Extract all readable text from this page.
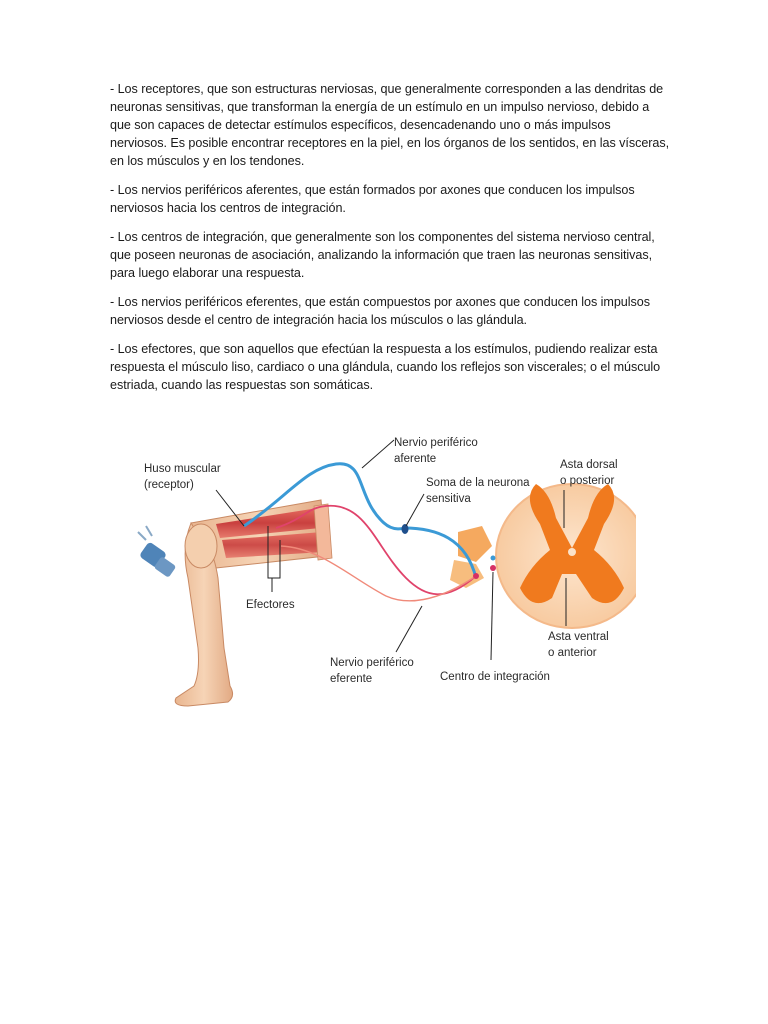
- Los receptores, que son estructuras nerviosas, que generalmente corresponden a las dendritas de neuronas sensitivas, que transforman la energía de un estímulo en un impulso nervioso, debido a que son capaces de detectar estímulos específicos, desencadenando uno o más impulsos nerviosos. Es posible encontrar receptores en la piel, en los órganos de los sentidos, en las vísceras, en los músculos y en los tendones.

- Los nervios periféricos aferentes, que están formados por axones que conducen los impulsos nerviosos hacia los centros de integración.

- Los centros de integración, que generalmente son los componentes del sistema nervioso central, que poseen neuronas de asociación, analizando la información que traen las neuronas sensitivas, para luego elaborar una respuesta.

- Los nervios periféricos eferentes, que están compuestos por axones que conducen los impulsos nerviosos desde el centro de integración hacia los músculos o las glándula.

- Los efectores, que son aquellos que efectúan la respuesta a los estímulos, pudiendo realizar esta respuesta el músculo liso, cardiaco o una glándula, cuando los reflejos son viscerales; o el músculo estriada, cuando las respuestas son somáticas.

Huso muscular
(receptor)
Nervio periférico
aferente
Soma de la neurona
sensitiva
Asta dorsal
o posterior
Efectores
Asta ventral
o anterior
Nervio periférico
eferente	Centro de integración
